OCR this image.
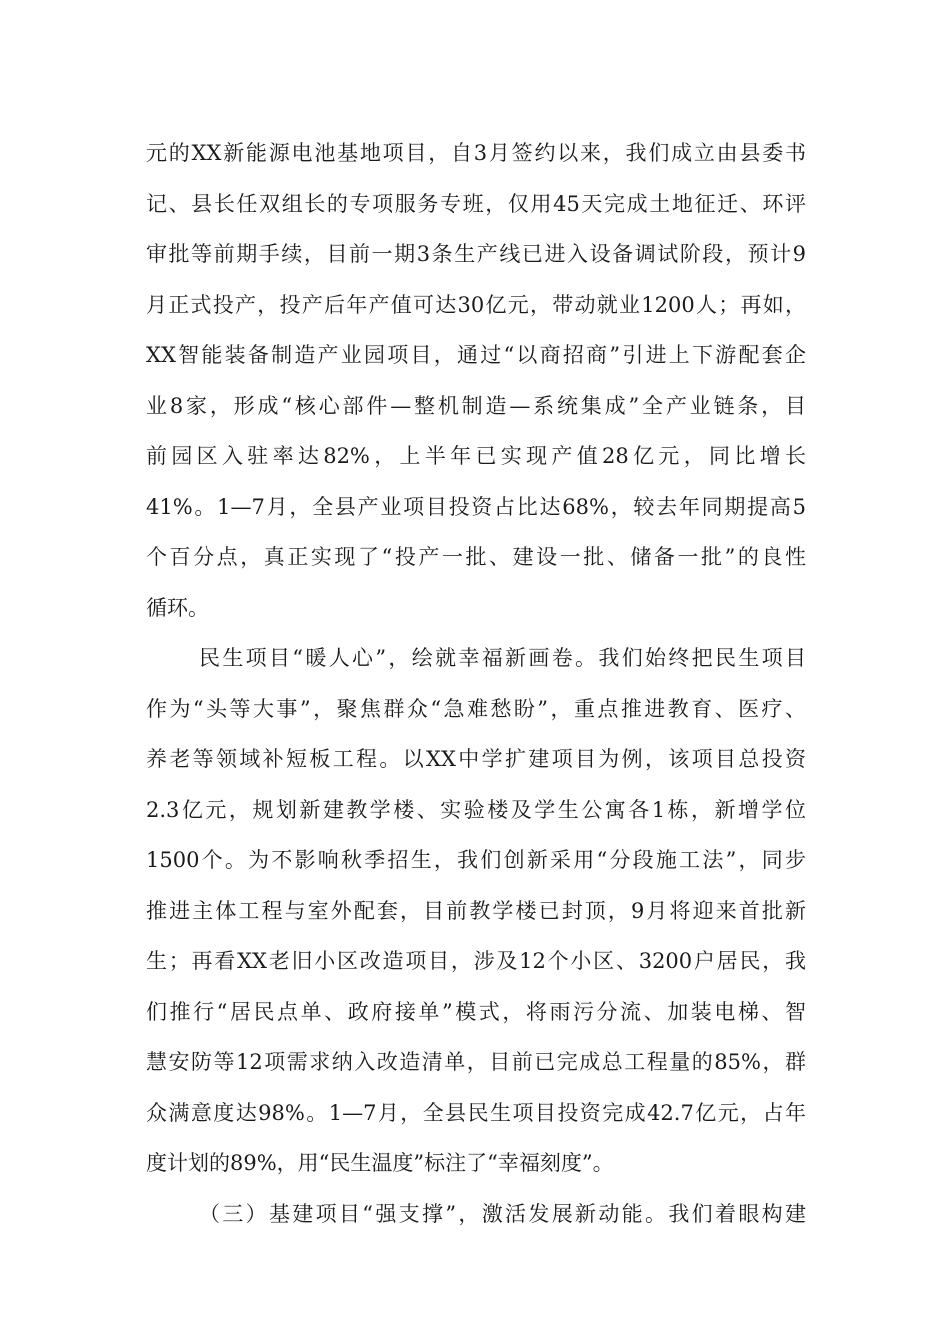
元的XX新能源电池基地项目，自3月签约以来，我们成立由县委书
记、县长任双组长的专项服务专班，仅用45天完成土地征迁、环评
审批等前期手续，目前一期3条生产线已进入设备调试阶段，预计9
月正式投产，投产后年产值可达30亿元，带动就业1200人；再如，
XX智能装备制造产业园项目，通过“以商招商”引进上下游配套企
业8家，形成“核心部件—整机制造—系统集成”全产业链条，目
前园区入驻率达82%，上半年已实现产值28亿元，同比增长
41%。1—7月，全县产业项目投资占比达68%，较去年同期提高5
个百分点，真正实现了“投产一批、建设一批、储备一批”的良性
循环。
民生项目“暖人心”，绘就幸福新画卷。我们始终把民生项目
作为“头等大事”，聚焦群众“急难愁盼”，重点推进教育、医疗、
养老等领域补短板工程。以XX中学扩建项目为例，该项目总投资
2.3亿元，规划新建教学楼、实验楼及学生公寓各1栋，新增学位
1500个。为不影响秋季招生，我们创新采用“分段施工法”，同步
推进主体工程与室外配套，目前教学楼已封顶，9月将迎来首批新
生；再看XX老旧小区改造项目，涉及12个小区、3200户居民，我
们推行“居民点单、政府接单”模式，将雨污分流、加装电梯、智
慧安防等12项需求纳入改造清单，目前已完成总工程量的85%，群
众满意度达98%。1—7月，全县民生项目投资完成42.7亿元，占年
度计划的89%，用“民生温度”标注了“幸福刻度”。
（三）基建项目“强支撑”，激活发展新动能。我们着眼构建
